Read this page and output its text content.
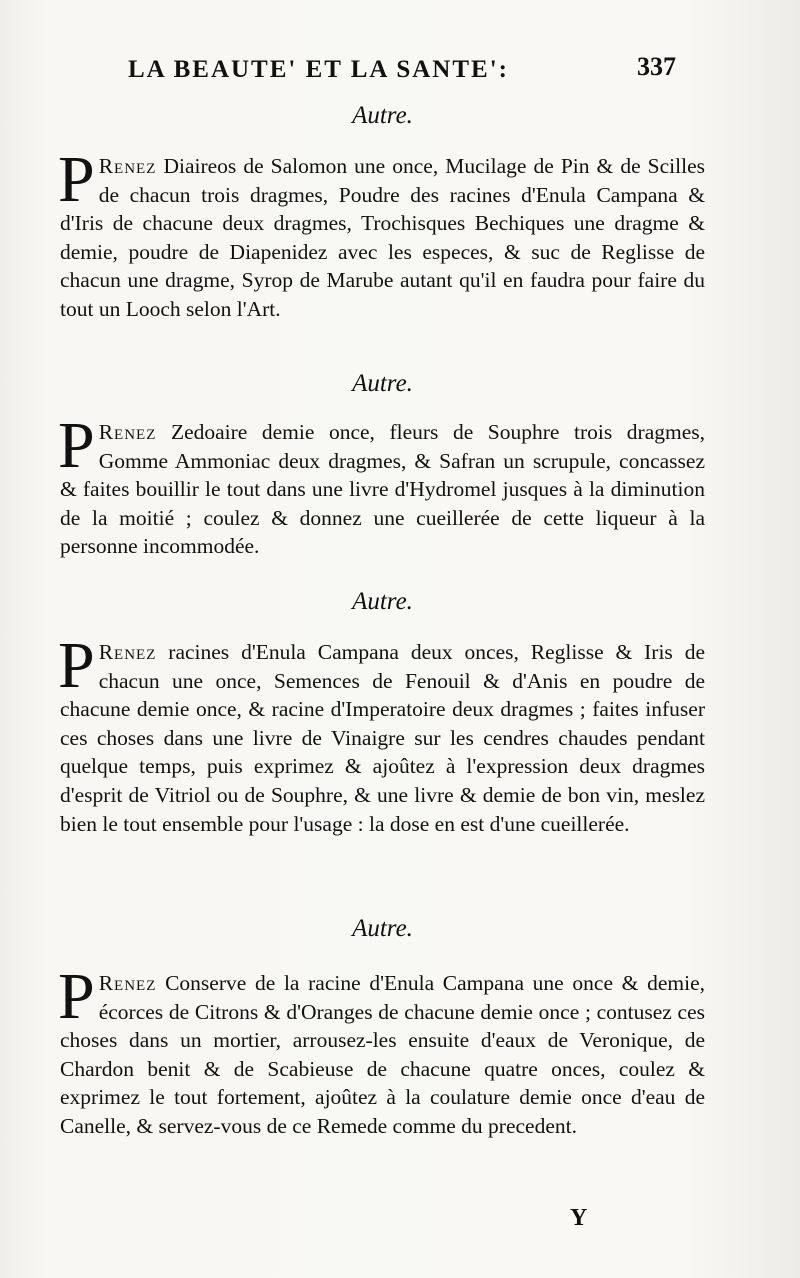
LA BEAUTE' ET LA SANTE':	337

Autre.

P Renez Diaireos de Salomon une once, Mucilage de Pin & de Scilles de chacun trois dragmes, Poudre des racines d'Enula Campana & d'Iris de chacune deux dragmes, Trochisques Bechiques une dragme & demie, poudre de Diapenidez avec les especes, & suc de Reglisse de chacun une dragme, Syrop de Marube autant qu'il en faudra pour faire du tout un Looch selon l'Art.

Autre.

P Renez Zedoaire demie once, fleurs de Souphre trois dragmes, Gomme Ammoniac deux dragmes, & Safran un scrupule, concassez & faites bouillir le tout dans une livre d'Hydromel jusques à la diminution de la moitié ; coulez & donnez une cueillerée de cette liqueur à la personne incommodée.

Autre.

P Renez racines d'Enula Campana deux onces, Reglisse & Iris de chacun une once, Semences de Fenouil & d'Anis en poudre de chacune demie once, & racine d'Imperatoire deux dragmes ; faites infuser ces choses dans une livre de Vinaigre sur les cendres chaudes pendant quelque temps, puis exprimez & ajoûtez à l'expression deux dragmes d'esprit de Vitriol ou de Souphre, & une livre & demie de bon vin, meslez bien le tout ensemble pour l'usage : la dose en est d'une cueillerée.

Autre.

P Renez Conserve de la racine d'Enula Campana une once & demie, écorces de Citrons & d'Oranges de chacune demie once ; contusez ces choses dans un mortier, arrousez-les ensuite d'eaux de Veronique, de Chardon benit & de Scabieuse de chacune quatre onces, coulez & exprimez le tout fortement, ajoûtez à la coulature demie once d'eau de Canelle, & servez-vous de ce Remede comme du precedent.
Y
